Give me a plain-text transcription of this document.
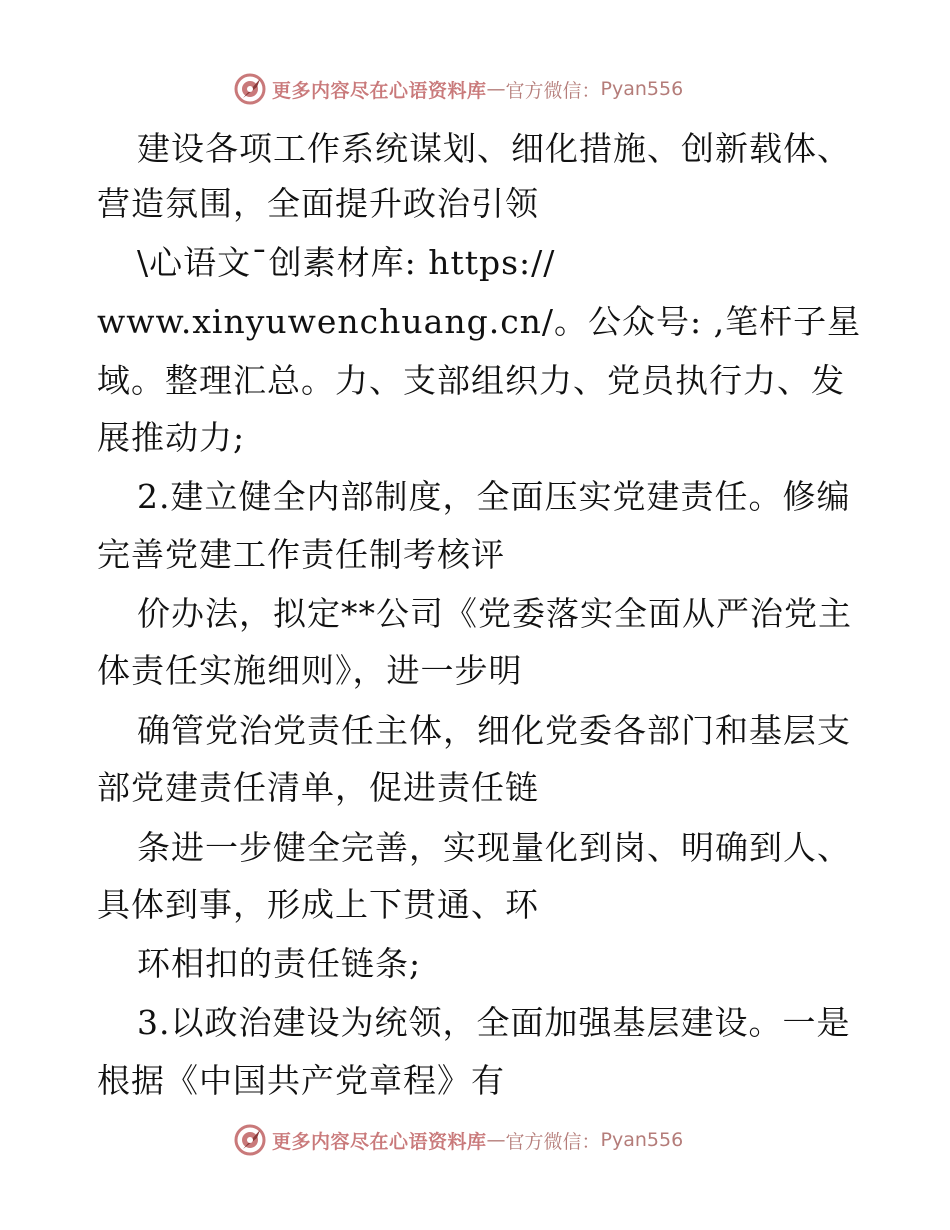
更多内容尽在心语资料库 — 官方微信： Pyan556
建设各项工作系统谋划、细化措施、创新载体、
营造氛围，全面提升政治引领
\心语文¯创素材库: https://
www.xinyuwenchuang.cn/。公众号: ,笔杆子星
域。整理汇总。力、支部组织力、党员执行力、发
展推动力;
2.建立健全内部制度，全面压实党建责任。修编
完善党建工作责任制考核评
价办法，拟定**公司《党委落实全面从严治党主
体责任实施细则》，进一步明
确管党治党责任主体，细化党委各部门和基层支
部党建责任清单，促进责任链
条进一步健全完善，实现量化到岗、明确到人、
具体到事，形成上下贯通、环
环相扣的责任链条;
3.以政治建设为统领，全面加强基层建设。一是
根据《中国共产党章程》有
更多内容尽在心语资料库 — 官方微信： Pyan556
